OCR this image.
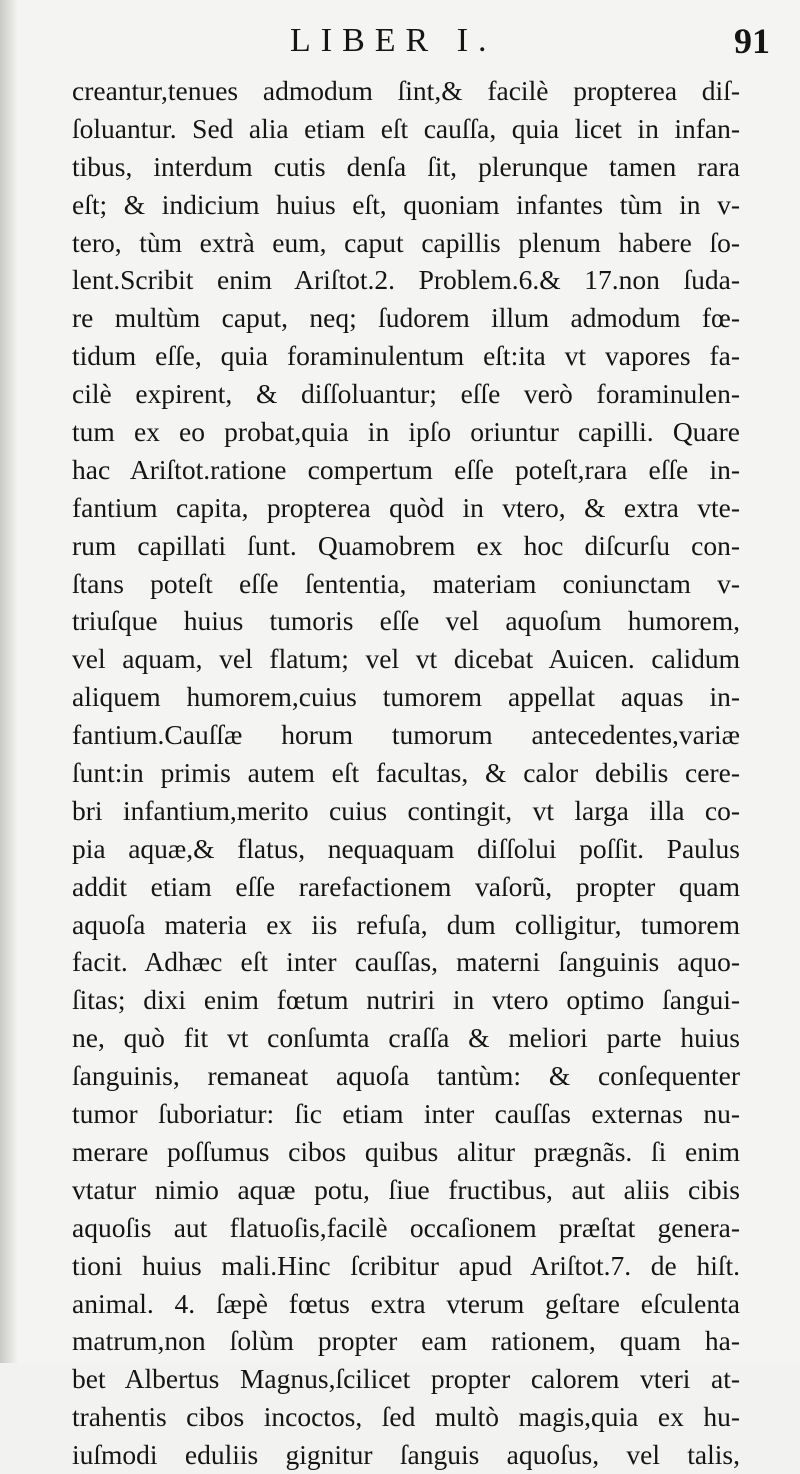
LIBER I.	91
creantur,tenues admodum ſint,& facilè propterea diſ-
ſoluantur. Sed alia etiam eſt cauſſa, quia licet in infan-
tibus, interdum cutis denſa ſit, plerunque tamen rara
eſt; & indicium huius eſt, quoniam infantes tùm in v-
tero, tùm extrà eum, caput capillis plenum habere ſo-
lent.Scribit enim Ariſtot.2. Problem.6.& 17.non ſuda-
re multùm caput, neq; ſudorem illum admodum fœ-
tidum eſſe, quia foraminulentum eſt:ita vt vapores fa-
cilè expirent, & diſſoluantur; eſſe verò foraminulen-
tum ex eo probat,quia in ipſo oriuntur capilli. Quare
hac Ariſtot.ratione compertum eſſe poteſt,rara eſſe in-
fantium capita, propterea quòd in vtero, & extra vte-
rum capillati ſunt. Quamobrem ex hoc diſcurſu con-
ſtans poteſt eſſe ſententia, materiam coniunctam v-
triuſque huius tumoris eſſe vel aquoſum humorem,
vel aquam, vel flatum; vel vt dicebat Auicen. calidum
aliquem humorem,cuius tumorem appellat aquas in-
fantium.Cauſſæ horum tumorum antecedentes,variæ
ſunt:in primis autem eſt facultas, & calor debilis cere-
bri infantium,merito cuius contingit, vt larga illa co-
pia aquæ,& flatus, nequaquam diſſolui poſſit. Paulus
addit etiam eſſe rarefactionem vaſorũ, propter quam
aquoſa materia ex iis refuſa, dum colligitur, tumorem
facit. Adhæc eſt inter cauſſas, materni ſanguinis aquo-
ſitas; dixi enim fœtum nutriri in vtero optimo ſangui-
ne, quò fit vt conſumta craſſa & meliori parte huius
ſanguinis, remaneat aquoſa tantùm: & conſequenter
tumor ſuboriatur: ſic etiam inter cauſſas externas nu-
merare poſſumus cibos quibus alitur prægnãs. ſi enim
vtatur nimio aquæ potu, ſiue fructibus, aut aliis cibis
aquoſis aut flatuoſis,facilè occaſionem præſtat genera-
tioni huius mali.Hinc ſcribitur apud Ariſtot.7. de hiſt.
animal. 4. ſæpè fœtus extra vterum geſtare eſculenta
matrum,non ſolùm propter eam rationem, quam ha-
bet Albertus Magnus,ſcilicet propter calorem vteri at-
trahentis cibos incoctos, ſed multò magis,quia ex hu-
iuſmodi eduliis gignitur ſanguis aquoſus, vel talis,
